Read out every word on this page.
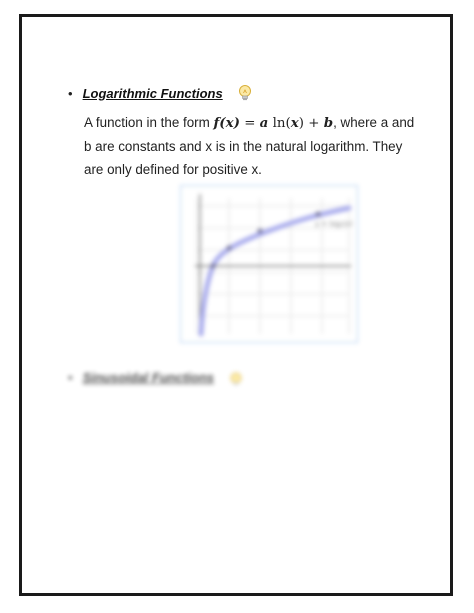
• Logarithmic Functions
A function in the form f(x) = a ln(x) + b, where a and b are constants and x is in the natural logarithm. They are only defined for positive x.
y = log₂(x)
• Sinusoidal Functions
